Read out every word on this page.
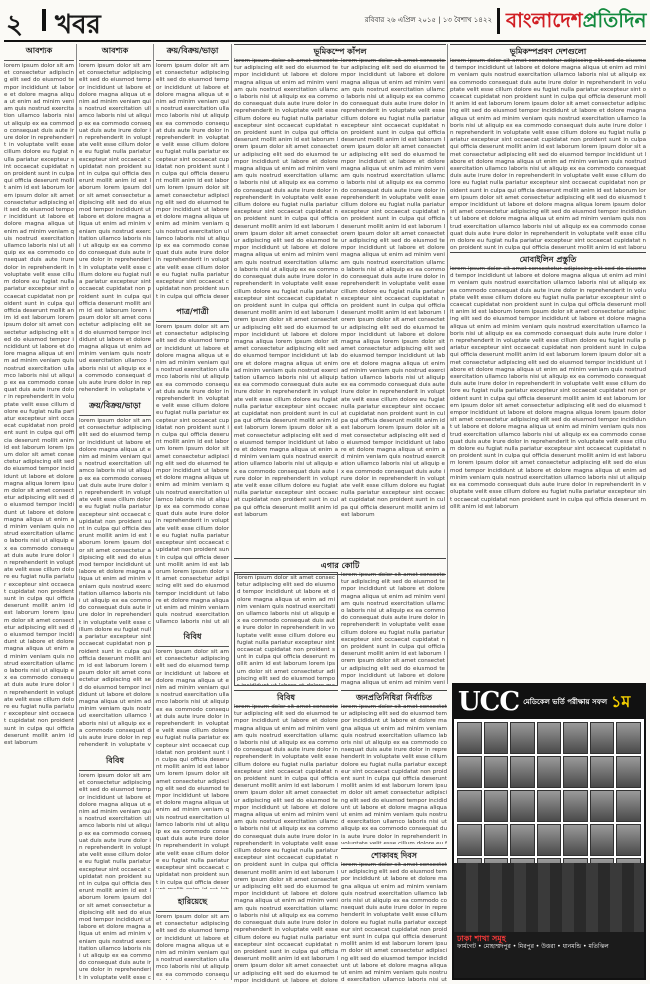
২ খবর	রবিবার ২৬ এপ্রিল ২০১৫ | ১৩ বৈশাখ ১৪২২ বাংলাদেশপ্রতিদিন
আবশ্যক
lorem ipsum dolor sit amet consectetur adipiscing elit sed do eiusmod tempor incididunt ut labore et dolore magna aliqua ut enim ad minim veniam quis nostrud exercitation ullamco laboris nisi ut aliquip ex ea commodo consequat duis aute irure dolor in reprehenderit in voluptate velit esse cillum dolore eu fugiat nulla pariatur excepteur sint occaecat cupidatat non proident sunt in culpa qui officia deserunt mollit anim id est laborum lorem ipsum dolor sit amet consectetur adipiscing elit sed do eiusmod tempor incididunt ut labore et dolore magna aliqua ut enim ad minim veniam quis nostrud exercitation ullamco laboris nisi ut aliquip ex ea commodo consequat duis aute irure dolor in reprehenderit in voluptate velit esse cillum dolore eu fugiat nulla pariatur excepteur sint occaecat cupidatat non proident sunt in culpa qui officia deserunt mollit anim id est laborum lorem ipsum dolor sit amet consectetur adipiscing elit sed do eiusmod tempor incididunt ut labore et dolore magna aliqua ut enim ad minim veniam quis nostrud exercitation ullamco laboris nisi ut aliquip ex ea commodo consequat duis aute irure dolor in reprehenderit in voluptate velit esse cillum dolore eu fugiat nulla pariatur excepteur sint occaecat cupidatat non proident sunt in culpa qui officia deserunt mollit anim id est laborum lorem ipsum dolor sit amet consectetur adipiscing elit sed do eiusmod tempor incididunt ut labore et dolore magna aliqua lorem ipsum dolor sit amet consectetur adipiscing elit sed do eiusmod tempor incididunt ut labore et dolore magna aliqua ut enim ad minim veniam quis nostrud exercitation ullamco laboris nisi ut aliquip ex ea commodo consequat duis aute irure dolor in reprehenderit in voluptate velit esse cillum dolore eu fugiat nulla pariatur excepteur sint occaecat cupidatat non proident sunt in culpa qui officia deserunt mollit anim id est laborum lorem ipsum dolor sit amet consectetur adipiscing elit sed do eiusmod tempor incididunt ut labore et dolore magna aliqua ut enim ad minim veniam quis nostrud exercitation ullamco laboris nisi ut aliquip ex ea commodo consequat duis aute irure dolor in reprehenderit in voluptate velit esse cillum dolore eu fugiat nulla pariatur excepteur sint occaecat cupidatat non proident sunt in culpa qui officia deserunt mollit anim id est laborum	আবশ্যক
lorem ipsum dolor sit amet consectetur adipiscing elit sed do eiusmod tempor incididunt ut labore et dolore magna aliqua ut enim ad minim veniam quis nostrud exercitation ullamco laboris nisi ut aliquip ex ea commodo consequat duis aute irure dolor in reprehenderit in voluptate velit esse cillum dolore eu fugiat nulla pariatur excepteur sint occaecat cupidatat non proident sunt in culpa qui officia deserunt mollit anim id est laborum lorem ipsum dolor sit amet consectetur adipiscing elit sed do eiusmod tempor incididunt ut labore et dolore magna aliqua ut enim ad minim veniam quis nostrud exercitation ullamco laboris nisi ut aliquip ex ea commodo consequat duis aute irure dolor in reprehenderit in voluptate velit esse cillum dolore eu fugiat nulla pariatur excepteur sint occaecat cupidatat non proident sunt in culpa qui officia deserunt mollit anim id est laborum lorem ipsum dolor sit amet consectetur adipiscing elit sed do eiusmod tempor incididunt ut labore et dolore magna aliqua ut enim ad minim veniam quis nostrud exercitation ullamco laboris nisi ut aliquip ex ea commodo consequat duis aute irure dolor in reprehenderit in voluptate velit esse cillum dolore eu fugiat nulla pariatur excepteur sint occaecat cupidatat non proident sunt in culpa qui officia deserunt mollit anim id est laborum lorem ipsum dolor sit amet consectetur adipiscing elit sed do eiusmod tempor incididunt ut labore et dolore magna aliqua lorem ipsum dolor sit amet consectetur adipiscing elit sed do eiusmod tempor incididunt ut labore et dolore magna aliqua ut enim ad minim veniam quis nostrud exercitation ullamco laboris nisi ut aliquip ex ea commodo consequat duis aute irure dolor in reprehenderit in voluptate velit esse cillum dolore eu fugiat nulla pariatur excepteur sint occaecat cupidatat non proident sunt in culpa qui officia deserunt mollit anim id est laborum lorem ipsum dolor sit amet consectetur adipiscing elit sed do eiusmod tempor incididunt ut labore et dolore magna aliqua ut enim ad minim veniam quis nostrud exercitation ullamco laboris nisi ut aliquip ex ea commodo consequat duis aute irure dolor in reprehenderit in voluptate velit esse cillum dolore eu fugiat nulla pariatur excepteur sint occaecat cupidatat non proident sunt in culpa qui officia deserunt mollit anim id est laborum
ক্রয়/বিক্রয়/ভাড়া
lorem ipsum dolor sit amet consectetur adipiscing elit sed do eiusmod tempor incididunt ut labore et dolore magna aliqua ut enim ad minim veniam quis nostrud exercitation ullamco laboris nisi ut aliquip ex ea commodo consequat duis aute irure dolor in reprehenderit in voluptate velit esse cillum dolore eu fugiat nulla pariatur excepteur sint occaecat cupidatat non proident sunt in culpa qui officia deserunt mollit anim id est laborum lorem ipsum dolor sit amet consectetur adipiscing elit sed do eiusmod tempor incididunt ut labore et dolore magna aliqua ut enim ad minim veniam quis nostrud exercitation ullamco laboris nisi ut aliquip ex ea commodo consequat duis aute irure dolor in reprehenderit in voluptate velit esse cillum dolore eu fugiat nulla pariatur excepteur sint occaecat cupidatat non proident sunt in culpa qui officia deserunt mollit anim id est laborum lorem ipsum dolor sit amet consectetur adipiscing elit sed do eiusmod tempor incididunt ut labore et dolore magna aliqua ut enim ad minim veniam quis nostrud exercitation ullamco laboris nisi ut aliquip ex ea commodo consequat duis aute irure dolor in reprehenderit in voluptate velit esse cillum dolore eu fugiat nulla pariatur excepteur sint occaecat cupidatat non proident sunt in culpa qui officia deserunt mollit anim id est laborum lorem ipsum dolor sit amet consectetur adipiscing elit sed do eiusmod tempor incididunt ut labore et dolore magna aliqua lorem ipsum dolor sit amet consectetur adipiscing elit sed do eiusmod tempor incididunt ut labore et dolore magna aliqua ut enim ad minim veniam quis nostrud exercitation ullamco laboris nisi ut aliquip ex ea commodo consequat duis aute irure dolor in reprehenderit in voluptate velit esse cillum dolore eu fugiat nulla pariatur excepteur sint occaecat cupidatat non proident sunt in culpa qui officia deserunt mollit anim id est laborum lorem ipsum dolor sit amet consectetur adipiscing elit sed do eiusmod tempor incididunt ut labore et dolore magna aliqua ut enim ad minim veniam quis nostrud exercitation ullamco laboris nisi ut aliquip ex ea commodo consequat duis aute irure dolor in reprehenderit in voluptate velit esse cillum dolore eu fugiat nulla pariatur excepteur sint occaecat cupidatat non proident sunt in culpa qui officia deserunt mollit anim id est laborum
বিবিধ
lorem ipsum dolor sit amet consectetur adipiscing elit sed do eiusmod tempor incididunt ut labore et dolore magna aliqua ut enim ad minim veniam quis nostrud exercitation ullamco laboris nisi ut aliquip ex ea commodo consequat duis aute irure dolor in reprehenderit in voluptate velit esse cillum dolore eu fugiat nulla pariatur excepteur sint occaecat cupidatat non proident sunt in culpa qui officia deserunt mollit anim id est laborum lorem ipsum dolor sit amet consectetur adipiscing elit sed do eiusmod tempor incididunt ut labore et dolore magna aliqua ut enim ad minim veniam quis nostrud exercitation ullamco laboris nisi ut aliquip ex ea commodo consequat duis aute irure dolor in reprehenderit in voluptate velit esse cillum dolore eu fugiat nulla pariatur excepteur sint occaecat cupidatat non proident sunt in culpa qui officia deserunt mollit anim id est laborum lorem ipsum dolor sit amet consectetur adipiscing elit sed do eiusmod tempor incididunt ut labore et dolore magna aliqua ut enim ad minim veniam quis nostrud exercitation ullamco laboris nisi ut aliquip ex ea commodo consequat duis aute irure dolor in reprehenderit in voluptate velit esse cillum dolore eu fugiat nulla pariatur excepteur sint occaecat cupidatat non proident sunt in culpa qui officia deserunt mollit anim id est laborum lorem ipsum dolor sit amet consectetur adipiscing elit sed do eiusmod tempor incididunt ut labore et dolore magna aliqua lorem ipsum dolor sit amet consectetur adipiscing elit sed do eiusmod tempor incididunt ut labore et dolore magna aliqua ut enim ad minim veniam quis nostrud exercitation ullamco laboris nisi ut aliquip ex ea commodo consequat duis aute irure dolor in reprehenderit in voluptate velit esse cillum dolore eu fugiat nulla pariatur excepteur sint occaecat cupidatat non proident sunt in culpa qui officia deserunt mollit anim id est laborum lorem ipsum dolor sit amet consectetur adipiscing elit sed do eiusmod tempor incididunt ut labore et dolore magna aliqua ut enim ad minim veniam quis nostrud exercitation ullamco laboris nisi ut aliquip ex ea commodo consequat duis aute irure dolor in reprehenderit in voluptate velit esse cillum dolore eu fugiat nulla pariatur excepteur sint occaecat cupidatat non proident sunt in culpa qui officia deserunt mollit anim id est laborum
ক্রয়/বিক্রয়/ভাড়া
lorem ipsum dolor sit amet consectetur adipiscing elit sed do eiusmod tempor incididunt ut labore et dolore magna aliqua ut enim ad minim veniam quis nostrud exercitation ullamco laboris nisi ut aliquip ex ea commodo consequat duis aute irure dolor in reprehenderit in voluptate velit esse cillum dolore eu fugiat nulla pariatur excepteur sint occaecat cupidatat non proident sunt in culpa qui officia deserunt mollit anim id est laborum lorem ipsum dolor sit amet consectetur adipiscing elit sed do eiusmod tempor incididunt ut labore et dolore magna aliqua ut enim ad minim veniam quis nostrud exercitation ullamco laboris nisi ut aliquip ex ea commodo consequat duis aute irure dolor in reprehenderit in voluptate velit esse cillum dolore eu fugiat nulla pariatur excepteur sint occaecat cupidatat non proident sunt in culpa qui officia deserunt mollit anim id est laborum lorem ipsum dolor sit amet consectetur adipiscing elit sed do eiusmod tempor incididunt ut labore et dolore magna aliqua ut enim ad minim veniam quis nostrud exercitation ullamco laboris nisi ut aliquip ex ea commodo consequat duis aute irure dolor in reprehenderit in voluptate velit esse cillum dolore eu fugiat nulla pariatur excepteur sint occaecat cupidatat non proident sunt in culpa qui officia deserunt mollit anim id est laborum lorem ipsum dolor sit amet consectetur adipiscing elit sed do eiusmod tempor incididunt ut labore et dolore magna aliqua lorem ipsum dolor sit amet consectetur adipiscing elit sed do eiusmod tempor incididunt ut labore et dolore magna aliqua ut enim ad minim veniam quis nostrud exercitation ullamco laboris nisi ut aliquip ex ea commodo consequat duis aute irure dolor in reprehenderit in voluptate velit esse cillum dolore eu fugiat nulla pariatur excepteur sint occaecat cupidatat non proident sunt in culpa qui officia deserunt mollit anim id est laborum lorem ipsum dolor sit amet consectetur adipiscing elit sed do eiusmod tempor incididunt ut labore et dolore magna aliqua ut enim ad minim veniam quis nostrud exercitation ullamco laboris nisi ut aliquip ex ea commodo consequat duis aute irure dolor in reprehenderit in voluptate velit esse cillum dolore eu fugiat nulla pariatur excepteur sint occaecat cupidatat non proident sunt in culpa qui officia deserunt mollit anim id est laborum
পাত্র/পাত্রী
lorem ipsum dolor sit amet consectetur adipiscing elit sed do eiusmod tempor incididunt ut labore et dolore magna aliqua ut enim ad minim veniam quis nostrud exercitation ullamco laboris nisi ut aliquip ex ea commodo consequat duis aute irure dolor in reprehenderit in voluptate velit esse cillum dolore eu fugiat nulla pariatur excepteur sint occaecat cupidatat non proident sunt in culpa qui officia deserunt mollit anim id est laborum lorem ipsum dolor sit amet consectetur adipiscing elit sed do eiusmod tempor incididunt ut labore et dolore magna aliqua ut enim ad minim veniam quis nostrud exercitation ullamco laboris nisi ut aliquip ex ea commodo consequat duis aute irure dolor in reprehenderit in voluptate velit esse cillum dolore eu fugiat nulla pariatur excepteur sint occaecat cupidatat non proident sunt in culpa qui officia deserunt mollit anim id est laborum lorem ipsum dolor sit amet consectetur adipiscing elit sed do eiusmod tempor incididunt ut labore et dolore magna aliqua ut enim ad minim veniam quis nostrud exercitation ullamco laboris nisi ut aliquip ex ea commodo consequat duis aute irure dolor in reprehenderit in voluptate velit esse cillum dolore eu fugiat nulla pariatur excepteur sint occaecat cupidatat non proident sunt in culpa qui officia deserunt mollit anim id est laborum lorem ipsum dolor sit amet consectetur adipiscing elit sed do eiusmod tempor incididunt ut labore et dolore magna aliqua lorem ipsum dolor sit amet consectetur adipiscing elit sed do eiusmod tempor incididunt ut labore et dolore magna aliqua ut enim ad minim veniam quis nostrud exercitation ullamco laboris nisi ut aliquip ex ea commodo consequat duis aute irure dolor in reprehenderit in voluptate velit esse cillum dolore eu fugiat nulla pariatur excepteur sint occaecat cupidatat non proident sunt in culpa qui officia deserunt mollit anim id est laborum lorem ipsum dolor sit amet consectetur adipiscing elit sed do eiusmod tempor incididunt ut labore et dolore magna aliqua ut enim ad minim veniam quis nostrud exercitation ullamco laboris nisi ut aliquip ex ea commodo consequat duis aute irure dolor in reprehenderit in voluptate velit esse cillum dolore eu fugiat nulla pariatur excepteur sint occaecat cupidatat non proident sunt in culpa qui officia deserunt mollit anim id est laborum
বিবিধ
lorem ipsum dolor sit amet consectetur adipiscing elit sed do eiusmod tempor incididunt ut labore et dolore magna aliqua ut enim ad minim veniam quis nostrud exercitation ullamco laboris nisi ut aliquip ex ea commodo consequat duis aute irure dolor in reprehenderit in voluptate velit esse cillum dolore eu fugiat nulla pariatur excepteur sint occaecat cupidatat non proident sunt in culpa qui officia deserunt mollit anim id est laborum lorem ipsum dolor sit amet consectetur adipiscing elit sed do eiusmod tempor incididunt ut labore et dolore magna aliqua ut enim ad minim veniam quis nostrud exercitation ullamco laboris nisi ut aliquip ex ea commodo consequat duis aute irure dolor in reprehenderit in voluptate velit esse cillum dolore eu fugiat nulla pariatur excepteur sint occaecat cupidatat non proident sunt in culpa qui officia deserunt mollit anim id est laborum lorem ipsum dolor sit amet consectetur adipiscing elit sed do eiusmod tempor incididunt ut labore et dolore magna aliqua ut enim ad minim veniam quis nostrud exercitation ullamco laboris nisi ut aliquip ex ea commodo consequat duis aute irure dolor in reprehenderit in voluptate velit esse cillum dolore eu fugiat nulla pariatur excepteur sint occaecat cupidatat non proident sunt in culpa qui officia deserunt mollit anim id est laborum lorem ipsum dolor sit amet consectetur adipiscing elit sed do eiusmod tempor incididunt ut labore et dolore magna aliqua lorem ipsum dolor sit amet consectetur adipiscing elit sed do eiusmod tempor incididunt ut labore et dolore magna aliqua ut enim ad minim veniam quis nostrud exercitation ullamco laboris nisi ut aliquip ex ea commodo consequat duis aute irure dolor in reprehenderit in voluptate velit esse cillum dolore eu fugiat nulla pariatur excepteur sint occaecat cupidatat non proident sunt in culpa qui officia deserunt mollit anim id est laborum lorem ipsum dolor sit amet consectetur adipiscing elit sed do eiusmod tempor incididunt ut labore et dolore magna aliqua ut enim ad minim veniam quis nostrud exercitation ullamco laboris nisi ut aliquip ex ea commodo consequat duis aute irure dolor in reprehenderit in voluptate velit esse cillum dolore eu fugiat nulla pariatur excepteur sint occaecat cupidatat non proident sunt in culpa qui officia deserunt mollit anim id est laborum
হারিয়েছে
lorem ipsum dolor sit amet consectetur adipiscing elit sed do eiusmod tempor incididunt ut labore et dolore magna aliqua ut enim ad minim veniam quis nostrud exercitation ullamco laboris nisi ut aliquip ex ea commodo consequat duis aute irure dolor in reprehenderit in voluptate velit esse cillum dolore eu fugiat nulla pariatur excepteur sint occaecat cupidatat non proident sunt in culpa qui officia deserunt mollit anim id est laborum lorem ipsum dolor sit amet consectetur adipiscing elit sed do eiusmod tempor incididunt ut labore et dolore magna aliqua ut enim ad minim veniam quis nostrud exercitation ullamco laboris nisi ut aliquip ex ea commodo consequat duis aute irure dolor in reprehenderit in voluptate velit esse cillum dolore eu fugiat nulla pariatur excepteur sint occaecat cupidatat non proident sunt in culpa qui officia deserunt mollit anim id est laborum lorem ipsum dolor sit amet consectetur adipiscing elit sed do eiusmod tempor incididunt ut labore et dolore magna aliqua ut enim ad minim veniam quis nostrud exercitation ullamco laboris nisi ut aliquip ex ea commodo consequat duis aute irure dolor in reprehenderit in voluptate velit esse cillum dolore eu fugiat nulla pariatur excepteur sint occaecat cupidatat non proident sunt in culpa qui officia deserunt mollit anim id est laborum lorem ipsum dolor sit amet consectetur adipiscing elit sed do eiusmod tempor incididunt ut labore et dolore magna aliqua lorem ipsum dolor sit amet consectetur adipiscing elit sed do eiusmod tempor incididunt ut labore et dolore magna aliqua ut enim ad minim veniam quis nostrud exercitation ullamco laboris nisi ut aliquip ex ea commodo consequat duis aute irure dolor in reprehenderit in voluptate velit esse cillum dolore eu fugiat nulla pariatur excepteur sint occaecat cupidatat non proident sunt in culpa qui officia deserunt mollit anim id est laborum lorem ipsum dolor sit amet consectetur adipiscing elit sed do eiusmod tempor incididunt ut labore et dolore magna aliqua ut enim ad minim veniam quis nostrud exercitation ullamco laboris nisi ut aliquip ex ea commodo consequat duis aute irure dolor in reprehenderit in voluptate velit esse cillum dolore eu fugiat nulla pariatur excepteur sint occaecat cupidatat non proident sunt in culpa qui officia deserunt mollit anim id est laborum
ভূমিকম্পে কাঁপল	ভূমিকম্পপ্রবণ দেশগুলো
lorem ipsum dolor sit amet consectetur adipiscing elit sed do eiusmod tempor incididunt ut labore et dolore magna aliqua ut enim ad minim veniam quis nostrud exercitation ullamco laboris nisi ut aliquip ex ea commodo consequat duis aute irure dolor in reprehenderit in voluptate velit esse cillum dolore eu fugiat nulla pariatur excepteur sint occaecat cupidatat non proident sunt in culpa qui officia deserunt mollit anim id est laborum lorem ipsum dolor sit amet consectetur adipiscing elit sed do eiusmod tempor incididunt ut labore et dolore magna aliqua ut enim ad minim veniam quis nostrud exercitation ullamco laboris nisi ut aliquip ex ea commodo consequat duis aute irure dolor in reprehenderit in voluptate velit esse cillum dolore eu fugiat nulla pariatur excepteur sint occaecat cupidatat non proident sunt in culpa qui officia deserunt mollit anim id est laborum lorem ipsum dolor sit amet consectetur adipiscing elit sed do eiusmod tempor incididunt ut labore et dolore magna aliqua ut enim ad minim veniam quis nostrud exercitation ullamco laboris nisi ut aliquip ex ea commodo consequat duis aute irure dolor in reprehenderit in voluptate velit esse cillum dolore eu fugiat nulla pariatur excepteur sint occaecat cupidatat non proident sunt in culpa qui officia deserunt mollit anim id est laborum lorem ipsum dolor sit amet consectetur adipiscing elit sed do eiusmod tempor incididunt ut labore et dolore magna aliqua lorem ipsum dolor sit amet consectetur adipiscing elit sed do eiusmod tempor incididunt ut labore et dolore magna aliqua ut enim ad minim veniam quis nostrud exercitation ullamco laboris nisi ut aliquip ex ea commodo consequat duis aute irure dolor in reprehenderit in voluptate velit esse cillum dolore eu fugiat nulla pariatur excepteur sint occaecat cupidatat non proident sunt in culpa qui officia deserunt mollit anim id est laborum lorem ipsum dolor sit amet consectetur adipiscing elit sed do eiusmod tempor incididunt ut labore et dolore magna aliqua ut enim ad minim veniam quis nostrud exercitation ullamco laboris nisi ut aliquip ex ea commodo consequat duis aute irure dolor in reprehenderit in voluptate velit esse cillum dolore eu fugiat nulla pariatur excepteur sint occaecat cupidatat non proident sunt in culpa qui officia deserunt mollit anim id est laborum
lorem ipsum dolor sit amet consectetur adipiscing elit sed do eiusmod tempor incididunt ut labore et dolore magna aliqua ut enim ad minim veniam quis nostrud exercitation ullamco laboris nisi ut aliquip ex ea commodo consequat duis aute irure dolor in reprehenderit in voluptate velit esse cillum dolore eu fugiat nulla pariatur excepteur sint occaecat cupidatat non proident sunt in culpa qui officia deserunt mollit anim id est laborum lorem ipsum dolor sit amet consectetur adipiscing elit sed do eiusmod tempor incididunt ut labore et dolore magna aliqua ut enim ad minim veniam quis nostrud exercitation ullamco laboris nisi ut aliquip ex ea commodo consequat duis aute irure dolor in reprehenderit in voluptate velit esse cillum dolore eu fugiat nulla pariatur excepteur sint occaecat cupidatat non proident sunt in culpa qui officia deserunt mollit anim id est laborum lorem ipsum dolor sit amet consectetur adipiscing elit sed do eiusmod tempor incididunt ut labore et dolore magna aliqua ut enim ad minim veniam quis nostrud exercitation ullamco laboris nisi ut aliquip ex ea commodo consequat duis aute irure dolor in reprehenderit in voluptate velit esse cillum dolore eu fugiat nulla pariatur excepteur sint occaecat cupidatat non proident sunt in culpa qui officia deserunt mollit anim id est laborum lorem ipsum dolor sit amet consectetur adipiscing elit sed do eiusmod tempor incididunt ut labore et dolore magna aliqua lorem ipsum dolor sit amet consectetur adipiscing elit sed do eiusmod tempor incididunt ut labore et dolore magna aliqua ut enim ad minim veniam quis nostrud exercitation ullamco laboris nisi ut aliquip ex ea commodo consequat duis aute irure dolor in reprehenderit in voluptate velit esse cillum dolore eu fugiat nulla pariatur excepteur sint occaecat cupidatat non proident sunt in culpa qui officia deserunt mollit anim id est laborum lorem ipsum dolor sit amet consectetur adipiscing elit sed do eiusmod tempor incididunt ut labore et dolore magna aliqua ut enim ad minim veniam quis nostrud exercitation ullamco laboris nisi ut aliquip ex ea commodo consequat duis aute irure dolor in reprehenderit in voluptate velit esse cillum dolore eu fugiat nulla pariatur excepteur sint occaecat cupidatat non proident sunt in culpa qui officia deserunt mollit anim id est laborum
lorem ipsum dolor sit amet consectetur adipiscing elit sed do eiusmod tempor incididunt ut labore et dolore magna aliqua ut enim ad minim veniam quis nostrud exercitation ullamco laboris nisi ut aliquip ex ea commodo consequat duis aute irure dolor in reprehenderit in voluptate velit esse cillum dolore eu fugiat nulla pariatur excepteur sint occaecat cupidatat non proident sunt in culpa qui officia deserunt mollit anim id est laborum lorem ipsum dolor sit amet consectetur adipiscing elit sed do eiusmod tempor incididunt ut labore et dolore magna aliqua ut enim ad minim veniam quis nostrud exercitation ullamco laboris nisi ut aliquip ex ea commodo consequat duis aute irure dolor in reprehenderit in voluptate velit esse cillum dolore eu fugiat nulla pariatur excepteur sint occaecat cupidatat non proident sunt in culpa qui officia deserunt mollit anim id est laborum lorem ipsum dolor sit amet consectetur adipiscing elit sed do eiusmod tempor incididunt ut labore et dolore magna aliqua ut enim ad minim veniam quis nostrud exercitation ullamco laboris nisi ut aliquip ex ea commodo consequat duis aute irure dolor in reprehenderit in voluptate velit esse cillum dolore eu fugiat nulla pariatur excepteur sint occaecat cupidatat non proident sunt in culpa qui officia deserunt mollit anim id est laborum lorem ipsum dolor sit amet consectetur adipiscing elit sed do eiusmod tempor incididunt ut labore et dolore magna aliqua lorem ipsum dolor sit amet consectetur adipiscing elit sed do eiusmod tempor incididunt ut labore et dolore magna aliqua ut enim ad minim veniam quis nostrud exercitation ullamco laboris nisi ut aliquip ex ea commodo consequat duis aute irure dolor in reprehenderit in voluptate velit esse cillum dolore eu fugiat nulla pariatur excepteur sint occaecat cupidatat non proident sunt in culpa qui officia deserunt mollit anim id est laborum lorem ipsum dolor sit amet consectetur adipiscing elit sed do eiusmod tempor incididunt ut labore et dolore magna aliqua ut enim ad minim veniam quis nostrud exercitation ullamco laboris nisi ut aliquip ex ea commodo consequat duis aute irure dolor in reprehenderit in voluptate velit esse cillum dolore eu fugiat nulla pariatur excepteur sint occaecat cupidatat non proident sunt in culpa qui officia deserunt mollit anim id est laborum
মোবাইলিন প্রস্তুতি
lorem ipsum dolor sit amet consectetur adipiscing elit sed do eiusmod tempor incididunt ut labore et dolore magna aliqua ut enim ad minim veniam quis nostrud exercitation ullamco laboris nisi ut aliquip ex ea commodo consequat duis aute irure dolor in reprehenderit in voluptate velit esse cillum dolore eu fugiat nulla pariatur excepteur sint occaecat cupidatat non proident sunt in culpa qui officia deserunt mollit anim id est laborum lorem ipsum dolor sit amet consectetur adipiscing elit sed do eiusmod tempor incididunt ut labore et dolore magna aliqua ut enim ad minim veniam quis nostrud exercitation ullamco laboris nisi ut aliquip ex ea commodo consequat duis aute irure dolor in reprehenderit in voluptate velit esse cillum dolore eu fugiat nulla pariatur excepteur sint occaecat cupidatat non proident sunt in culpa qui officia deserunt mollit anim id est laborum lorem ipsum dolor sit amet consectetur adipiscing elit sed do eiusmod tempor incididunt ut labore et dolore magna aliqua ut enim ad minim veniam quis nostrud exercitation ullamco laboris nisi ut aliquip ex ea commodo consequat duis aute irure dolor in reprehenderit in voluptate velit esse cillum dolore eu fugiat nulla pariatur excepteur sint occaecat cupidatat non proident sunt in culpa qui officia deserunt mollit anim id est laborum lorem ipsum dolor sit amet consectetur adipiscing elit sed do eiusmod tempor incididunt ut labore et dolore magna aliqua lorem ipsum dolor sit amet consectetur adipiscing elit sed do eiusmod tempor incididunt ut labore et dolore magna aliqua ut enim ad minim veniam quis nostrud exercitation ullamco laboris nisi ut aliquip ex ea commodo consequat duis aute irure dolor in reprehenderit in voluptate velit esse cillum dolore eu fugiat nulla pariatur excepteur sint occaecat cupidatat non proident sunt in culpa qui officia deserunt mollit anim id est laborum lorem ipsum dolor sit amet consectetur adipiscing elit sed do eiusmod tempor incididunt ut labore et dolore magna aliqua ut enim ad minim veniam quis nostrud exercitation ullamco laboris nisi ut aliquip ex ea commodo consequat duis aute irure dolor in reprehenderit in voluptate velit esse cillum dolore eu fugiat nulla pariatur excepteur sint occaecat cupidatat non proident sunt in culpa qui officia deserunt mollit anim id est laborum
এগার কোটি
lorem ipsum dolor sit amet consectetur adipiscing elit sed do eiusmod tempor incididunt ut labore et dolore magna aliqua ut enim ad minim veniam quis nostrud exercitation ullamco laboris nisi ut aliquip ex ea commodo consequat duis aute irure dolor in reprehenderit in voluptate velit esse cillum dolore eu fugiat nulla pariatur excepteur sint occaecat cupidatat non proident sunt in culpa qui officia deserunt mollit anim id est laborum lorem ipsum dolor sit amet consectetur adipiscing elit sed do eiusmod tempor incididunt ut labore et dolore magna aliqua ut enim ad minim veniam quis nostrud exercitation ullamco laboris nisi ut aliquip ex ea commodo consequat duis aute irure dolor in reprehenderit in voluptate velit esse cillum dolore eu fugiat nulla pariatur excepteur sint occaecat cupidatat non proident sunt in culpa qui officia deserunt mollit anim id est laborum lorem ipsum dolor sit amet consectetur adipiscing elit sed do eiusmod tempor incididunt ut labore et dolore magna aliqua ut enim ad minim veniam quis nostrud exercitation ullamco laboris nisi ut aliquip ex ea commodo consequat duis aute irure dolor in reprehenderit in voluptate velit esse cillum dolore eu fugiat nulla pariatur excepteur sint occaecat cupidatat non proident sunt in culpa qui officia deserunt mollit anim id est laborum lorem ipsum dolor sit amet consectetur adipiscing elit sed do eiusmod tempor incididunt ut labore et dolore magna aliqua lorem ipsum dolor sit amet consectetur adipiscing elit sed do eiusmod tempor incididunt ut labore et dolore magna aliqua ut enim ad minim veniam quis nostrud exercitation ullamco laboris nisi ut aliquip ex ea commodo consequat duis aute irure dolor in reprehenderit in voluptate velit esse cillum dolore eu fugiat nulla pariatur excepteur sint occaecat cupidatat non proident sunt in culpa qui officia deserunt mollit anim id est laborum lorem ipsum dolor sit amet consectetur adipiscing elit sed do eiusmod tempor incididunt ut labore et dolore magna aliqua ut enim ad minim veniam quis nostrud exercitation ullamco laboris nisi ut aliquip ex ea commodo consequat duis aute irure dolor in reprehenderit in voluptate velit esse cillum dolore eu fugiat nulla pariatur excepteur sint occaecat cupidatat non proident sunt in culpa qui officia deserunt mollit anim id est laborum
lorem ipsum dolor sit amet consectetur adipiscing elit sed do eiusmod tempor incididunt ut labore et dolore magna aliqua ut enim ad minim veniam quis nostrud exercitation ullamco laboris nisi ut aliquip ex ea commodo consequat duis aute irure dolor in reprehenderit in voluptate velit esse cillum dolore eu fugiat nulla pariatur excepteur sint occaecat cupidatat non proident sunt in culpa qui officia deserunt mollit anim id est laborum lorem ipsum dolor sit amet consectetur adipiscing elit sed do eiusmod tempor incididunt ut labore et dolore magna aliqua ut enim ad minim veniam quis nostrud exercitation ullamco laboris nisi ut aliquip ex ea commodo consequat duis aute irure dolor in reprehenderit in voluptate velit esse cillum dolore eu fugiat nulla pariatur excepteur sint occaecat cupidatat non proident sunt in culpa qui officia deserunt mollit anim id est laborum lorem ipsum dolor sit amet consectetur adipiscing elit sed do eiusmod tempor incididunt ut labore et dolore magna aliqua ut enim ad minim veniam quis nostrud exercitation ullamco laboris nisi ut aliquip ex ea commodo consequat duis aute irure dolor in reprehenderit in voluptate velit esse cillum dolore eu fugiat nulla pariatur excepteur sint occaecat cupidatat non proident sunt in culpa qui officia deserunt mollit anim id est laborum lorem ipsum dolor sit amet consectetur adipiscing elit sed do eiusmod tempor incididunt ut labore et dolore magna aliqua lorem ipsum dolor sit amet consectetur adipiscing elit sed do eiusmod tempor incididunt ut labore et dolore magna aliqua ut enim ad minim veniam quis nostrud exercitation ullamco laboris nisi ut aliquip ex ea commodo consequat duis aute irure dolor in reprehenderit in voluptate velit esse cillum dolore eu fugiat nulla pariatur excepteur sint occaecat cupidatat non proident sunt in culpa qui officia deserunt mollit anim id est laborum lorem ipsum dolor sit amet consectetur adipiscing elit sed do eiusmod tempor incididunt ut labore et dolore magna aliqua ut enim ad minim veniam quis nostrud exercitation ullamco laboris nisi ut aliquip ex ea commodo consequat duis aute irure dolor in reprehenderit in voluptate velit esse cillum dolore eu fugiat nulla pariatur excepteur sint occaecat cupidatat non proident sunt in culpa qui officia deserunt mollit anim id est laborum
বিবিধ
lorem ipsum dolor sit amet consectetur adipiscing elit sed do eiusmod tempor incididunt ut labore et dolore magna aliqua ut enim ad minim veniam quis nostrud exercitation ullamco laboris nisi ut aliquip ex ea commodo consequat duis aute irure dolor in reprehenderit in voluptate velit esse cillum dolore eu fugiat nulla pariatur excepteur sint occaecat cupidatat non proident sunt in culpa qui officia deserunt mollit anim id est laborum lorem ipsum dolor sit amet consectetur adipiscing elit sed do eiusmod tempor incididunt ut labore et dolore magna aliqua ut enim ad minim veniam quis nostrud exercitation ullamco laboris nisi ut aliquip ex ea commodo consequat duis aute irure dolor in reprehenderit in voluptate velit esse cillum dolore eu fugiat nulla pariatur excepteur sint occaecat cupidatat non proident sunt in culpa qui officia deserunt mollit anim id est laborum lorem ipsum dolor sit amet consectetur adipiscing elit sed do eiusmod tempor incididunt ut labore et dolore magna aliqua ut enim ad minim veniam quis nostrud exercitation ullamco laboris nisi ut aliquip ex ea commodo consequat duis aute irure dolor in reprehenderit in voluptate velit esse cillum dolore eu fugiat nulla pariatur excepteur sint occaecat cupidatat non proident sunt in culpa qui officia deserunt mollit anim id est laborum lorem ipsum dolor sit amet consectetur adipiscing elit sed do eiusmod tempor incididunt ut labore et dolore magna aliqua lorem ipsum dolor sit amet consectetur adipiscing elit sed do eiusmod tempor incididunt ut labore et dolore magna aliqua ut enim ad minim veniam quis nostrud exercitation ullamco laboris nisi ut aliquip ex ea commodo consequat duis aute irure dolor in reprehenderit in voluptate velit esse cillum dolore eu fugiat nulla pariatur excepteur sint occaecat cupidatat non proident sunt in culpa qui officia deserunt mollit anim id est laborum lorem ipsum dolor sit amet consectetur adipiscing elit sed do eiusmod tempor incididunt ut labore et dolore magna aliqua ut enim ad minim veniam quis nostrud exercitation ullamco laboris nisi ut aliquip ex ea commodo consequat duis aute irure dolor in reprehenderit in voluptate velit esse cillum dolore eu fugiat nulla pariatur excepteur sint occaecat cupidatat non proident sunt in culpa qui officia deserunt mollit anim id est laborum	জনপ্রতিনিধিরা নির্বাচিত
lorem ipsum dolor sit amet consectetur adipiscing elit sed do eiusmod tempor incididunt ut labore et dolore magna aliqua ut enim ad minim veniam quis nostrud exercitation ullamco laboris nisi ut aliquip ex ea commodo consequat duis aute irure dolor in reprehenderit in voluptate velit esse cillum dolore eu fugiat nulla pariatur excepteur sint occaecat cupidatat non proident sunt in culpa qui officia deserunt mollit anim id est laborum lorem ipsum dolor sit amet consectetur adipiscing elit sed do eiusmod tempor incididunt ut labore et dolore magna aliqua ut enim ad minim veniam quis nostrud exercitation ullamco laboris nisi ut aliquip ex ea commodo consequat duis aute irure dolor in reprehenderit in voluptate velit esse cillum dolore eu fugiat nulla pariatur excepteur sint occaecat cupidatat non proident sunt in culpa qui officia deserunt mollit anim id est laborum lorem ipsum dolor sit amet consectetur adipiscing elit sed do eiusmod tempor incididunt ut labore et dolore magna aliqua ut enim ad minim veniam quis nostrud exercitation ullamco laboris nisi ut aliquip ex ea commodo consequat duis aute irure dolor in reprehenderit in voluptate velit esse cillum dolore eu fugiat nulla pariatur excepteur sint occaecat cupidatat non proident sunt in culpa qui officia deserunt mollit anim id est laborum lorem ipsum dolor sit amet consectetur adipiscing elit sed do eiusmod tempor incididunt ut labore et dolore magna aliqua lorem ipsum dolor sit amet consectetur adipiscing elit sed do eiusmod tempor incididunt ut labore et dolore magna aliqua ut enim ad minim veniam quis nostrud exercitation ullamco laboris nisi ut aliquip ex ea commodo consequat duis aute irure dolor in reprehenderit in voluptate velit esse cillum dolore eu fugiat nulla pariatur excepteur sint occaecat cupidatat non proident sunt in culpa qui officia deserunt mollit anim id est laborum lorem ipsum dolor sit amet consectetur adipiscing elit sed do eiusmod tempor incididunt ut labore et dolore magna aliqua ut enim ad minim veniam quis nostrud exercitation ullamco laboris nisi ut aliquip ex ea commodo consequat duis aute irure dolor in reprehenderit in voluptate velit esse cillum dolore eu fugiat nulla pariatur excepteur sint occaecat cupidatat non proident sunt in culpa qui officia deserunt mollit anim id est laborum
শোকাবহ দিবস
lorem ipsum dolor sit amet consectetur adipiscing elit sed do eiusmod tempor incididunt ut labore et dolore magna aliqua ut enim ad minim veniam quis nostrud exercitation ullamco laboris nisi ut aliquip ex ea commodo consequat duis aute irure dolor in reprehenderit in voluptate velit esse cillum dolore eu fugiat nulla pariatur excepteur sint occaecat cupidatat non proident sunt in culpa qui officia deserunt mollit anim id est laborum lorem ipsum dolor sit amet consectetur adipiscing elit sed do eiusmod tempor incididunt ut labore et dolore magna aliqua ut enim ad minim veniam quis nostrud exercitation ullamco laboris nisi ut aliquip ex ea commodo consequat duis aute irure dolor in reprehenderit in voluptate velit esse cillum dolore eu fugiat nulla pariatur excepteur sint occaecat cupidatat non proident sunt in culpa qui officia deserunt mollit anim id est laborum lorem ipsum dolor sit amet consectetur adipiscing elit sed do eiusmod tempor incididunt ut labore et dolore magna aliqua ut enim ad minim veniam quis nostrud exercitation ullamco laboris nisi ut aliquip ex ea commodo consequat duis aute irure dolor in reprehenderit in voluptate velit esse cillum dolore eu fugiat nulla pariatur excepteur sint occaecat cupidatat non proident sunt in culpa qui officia deserunt mollit anim id est laborum lorem ipsum dolor sit amet consectetur adipiscing elit sed do eiusmod tempor incididunt ut labore et dolore magna aliqua lorem ipsum dolor sit amet consectetur adipiscing elit sed do eiusmod tempor incididunt ut labore et dolore magna aliqua ut enim ad minim veniam quis nostrud exercitation ullamco laboris nisi ut aliquip ex ea commodo consequat duis aute irure dolor in reprehenderit in voluptate velit esse cillum dolore eu fugiat nulla pariatur excepteur sint occaecat cupidatat non proident sunt in culpa qui officia deserunt mollit anim id est laborum lorem ipsum dolor sit amet consectetur adipiscing elit sed do eiusmod tempor incididunt ut labore et dolore magna aliqua ut enim ad minim veniam quis nostrud exercitation ullamco laboris nisi ut aliquip ex ea commodo consequat duis aute irure dolor in reprehenderit in voluptate velit esse cillum dolore eu fugiat nulla pariatur excepteur sint occaecat cupidatat non proident sunt in culpa qui officia deserunt mollit anim id est laborum
UCC মেডিকেল ভর্তি পরীক্ষায় সফল ১ম
ঢাকা শাখা সমূহ
ফার্মগেট • মোহাম্মদপুর • মিরপুর • উত্তরা • ধানমন্ডি • মতিঝিল
